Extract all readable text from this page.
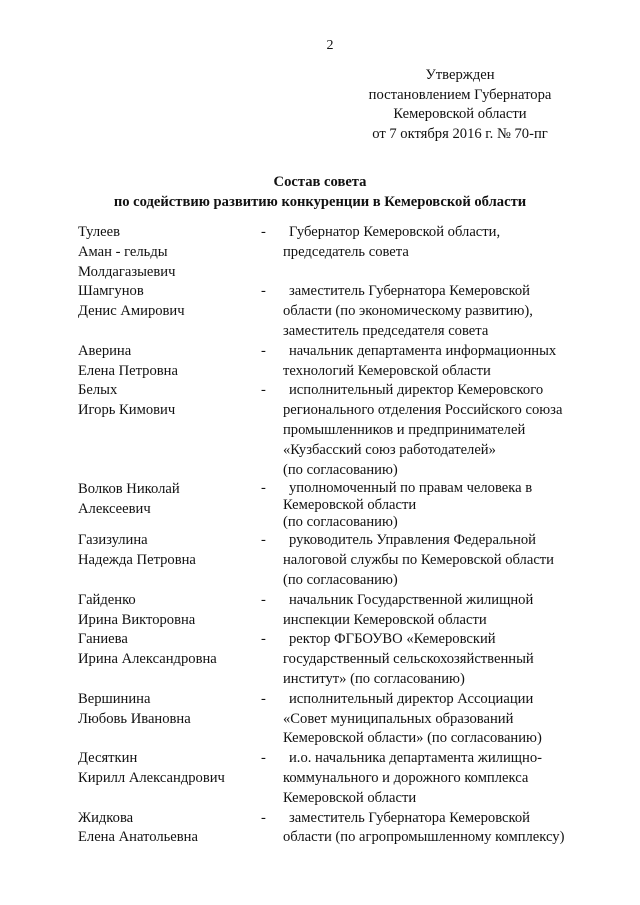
2
Утвержден
постановлением Губернатора
Кемеровской области
от 7 октября 2016 г. № 70-пг
Состав совета
по содействию развитию конкуренции в Кемеровской области
Тулеев
Аман - гельды
Молдагазыевич
-	Губернатор Кемеровской области,
председатель совета
Шамгунов
Денис Амирович
-	заместитель Губернатора Кемеровской
области (по экономическому развитию),
заместитель председателя совета
Аверина
Елена Петровна
-	начальник департамента информационных
технологий Кемеровской области
Белых
Игорь Кимович
-	исполнительный директор Кемеровского
регионального отделения Российского союза
промышленников и предпринимателей
«Кузбасский союз работодателей»
(по согласованию)
Волков Николай
Алексеевич
-	уполномоченный по правам человека в
Кемеровской области
(по согласованию)
Газизулина
Надежда Петровна
-	руководитель Управления Федеральной
налоговой службы по Кемеровской области
(по согласованию)
Гайденко
Ирина Викторовна
-	начальник Государственной жилищной
инспекции Кемеровской области
Ганиева
Ирина Александровна
-	ректор ФГБОУВО «Кемеровский
государственный сельскохозяйственный
институт» (по согласованию)
Вершинина
Любовь Ивановна
-	исполнительный директор Ассоциации
«Совет муниципальных образований
Кемеровской области» (по согласованию)
Десяткин
Кирилл Александрович
-	и.о. начальника департамента жилищно-
коммунального и дорожного комплекса
Кемеровской области
Жидкова
Елена Анатольевна
-	заместитель Губернатора Кемеровской
области (по агропромышленному комплексу)
